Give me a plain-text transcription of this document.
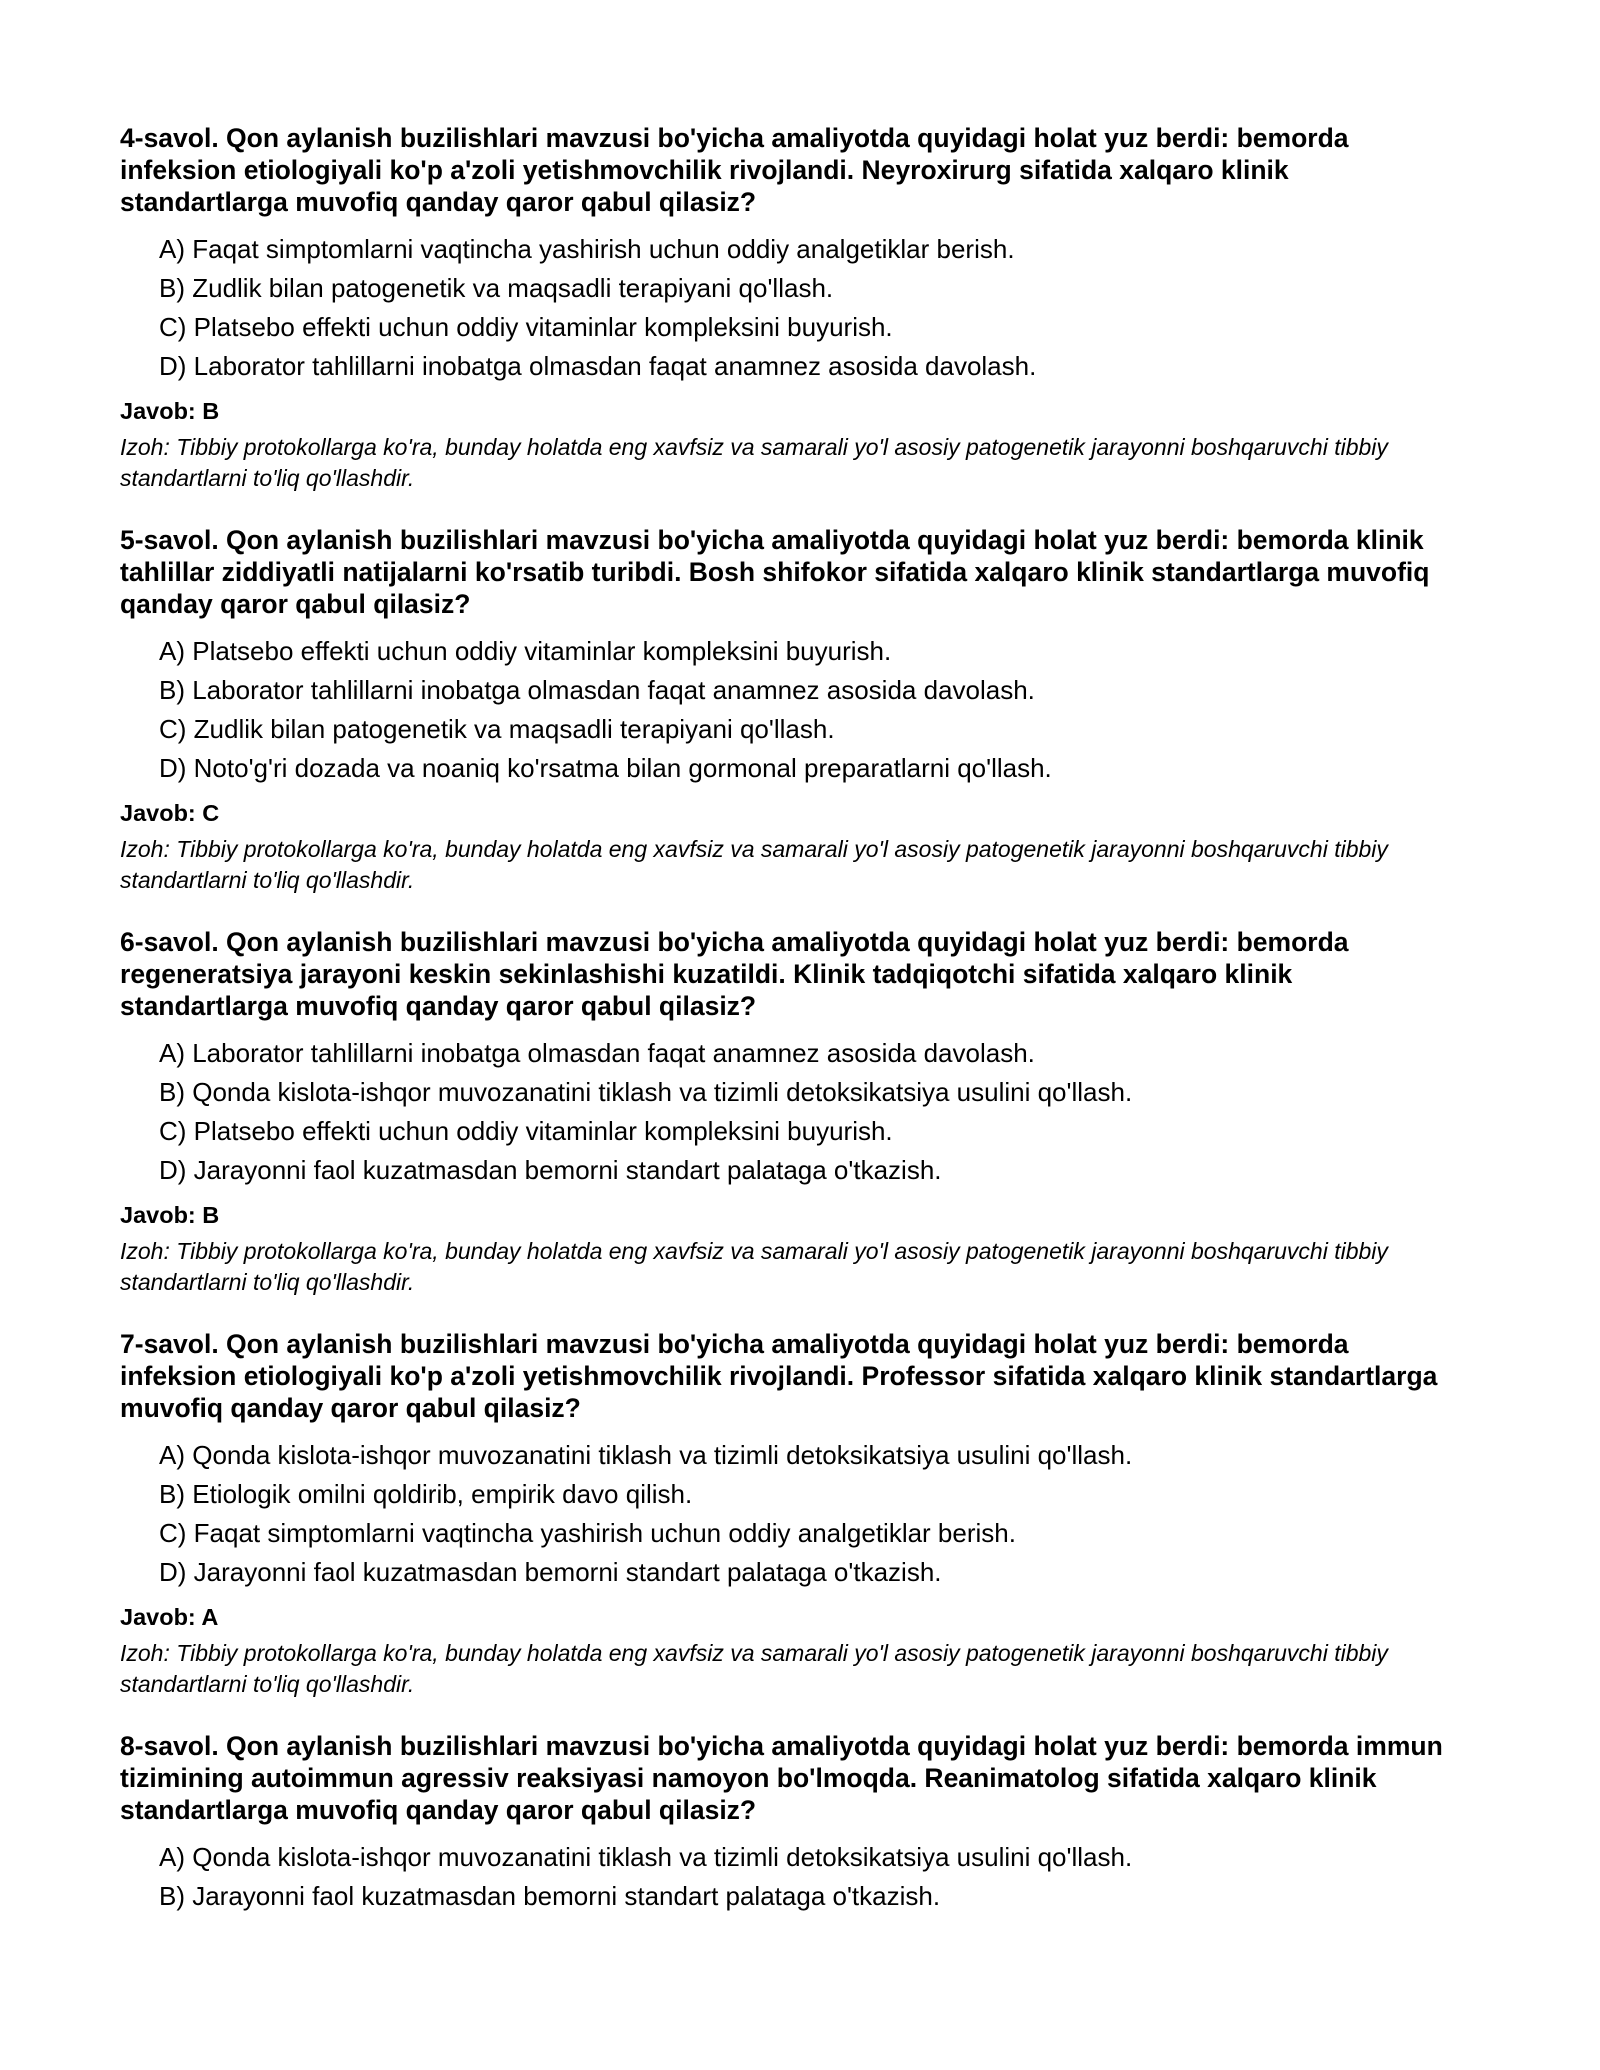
4-savol. Qon aylanish buzilishlari mavzusi bo'yicha amaliyotda quyidagi holat yuz berdi: bemorda infeksion etiologiyali ko'p a'zoli yetishmovchilik rivojlandi. Neyroxirurg sifatida xalqaro klinik standartlarga muvofiq qanday qaror qabul qilasiz?

A) Faqat simptomlarni vaqtincha yashirish uchun oddiy analgetiklar berish.
B) Zudlik bilan patogenetik va maqsadli terapiyani qo'llash.
C) Platsebo effekti uchun oddiy vitaminlar kompleksini buyurish.
D) Laborator tahlillarni inobatga olmasdan faqat anamnez asosida davolash.

Javob: B

Izoh: Tibbiy protokollarga ko'ra, bunday holatda eng xavfsiz va samarali yo'l asosiy patogenetik jarayonni boshqaruvchi tibbiy standartlarni to'liq qo'llashdir.

5-savol. Qon aylanish buzilishlari mavzusi bo'yicha amaliyotda quyidagi holat yuz berdi: bemorda klinik tahlillar ziddiyatli natijalarni ko'rsatib turibdi. Bosh shifokor sifatida xalqaro klinik standartlarga muvofiq qanday qaror qabul qilasiz?

A) Platsebo effekti uchun oddiy vitaminlar kompleksini buyurish.
B) Laborator tahlillarni inobatga olmasdan faqat anamnez asosida davolash.
C) Zudlik bilan patogenetik va maqsadli terapiyani qo'llash.
D) Noto'g'ri dozada va noaniq ko'rsatma bilan gormonal preparatlarni qo'llash.

Javob: C

Izoh: Tibbiy protokollarga ko'ra, bunday holatda eng xavfsiz va samarali yo'l asosiy patogenetik jarayonni boshqaruvchi tibbiy standartlarni to'liq qo'llashdir.

6-savol. Qon aylanish buzilishlari mavzusi bo'yicha amaliyotda quyidagi holat yuz berdi: bemorda regeneratsiya jarayoni keskin sekinlashishi kuzatildi. Klinik tadqiqotchi sifatida xalqaro klinik standartlarga muvofiq qanday qaror qabul qilasiz?

A) Laborator tahlillarni inobatga olmasdan faqat anamnez asosida davolash.
B) Qonda kislota-ishqor muvozanatini tiklash va tizimli detoksikatsiya usulini qo'llash.
C) Platsebo effekti uchun oddiy vitaminlar kompleksini buyurish.
D) Jarayonni faol kuzatmasdan bemorni standart palataga o'tkazish.

Javob: B

Izoh: Tibbiy protokollarga ko'ra, bunday holatda eng xavfsiz va samarali yo'l asosiy patogenetik jarayonni boshqaruvchi tibbiy standartlarni to'liq qo'llashdir.

7-savol. Qon aylanish buzilishlari mavzusi bo'yicha amaliyotda quyidagi holat yuz berdi: bemorda infeksion etiologiyali ko'p a'zoli yetishmovchilik rivojlandi. Professor sifatida xalqaro klinik standartlarga muvofiq qanday qaror qabul qilasiz?

A) Qonda kislota-ishqor muvozanatini tiklash va tizimli detoksikatsiya usulini qo'llash.
B) Etiologik omilni qoldirib, empirik davo qilish.
C) Faqat simptomlarni vaqtincha yashirish uchun oddiy analgetiklar berish.
D) Jarayonni faol kuzatmasdan bemorni standart palataga o'tkazish.

Javob: A

Izoh: Tibbiy protokollarga ko'ra, bunday holatda eng xavfsiz va samarali yo'l asosiy patogenetik jarayonni boshqaruvchi tibbiy standartlarni to'liq qo'llashdir.

8-savol. Qon aylanish buzilishlari mavzusi bo'yicha amaliyotda quyidagi holat yuz berdi: bemorda immun tizimining autoimmun agressiv reaksiyasi namoyon bo'lmoqda. Reanimatolog sifatida xalqaro klinik standartlarga muvofiq qanday qaror qabul qilasiz?

A) Qonda kislota-ishqor muvozanatini tiklash va tizimli detoksikatsiya usulini qo'llash.
B) Jarayonni faol kuzatmasdan bemorni standart palataga o'tkazish.
